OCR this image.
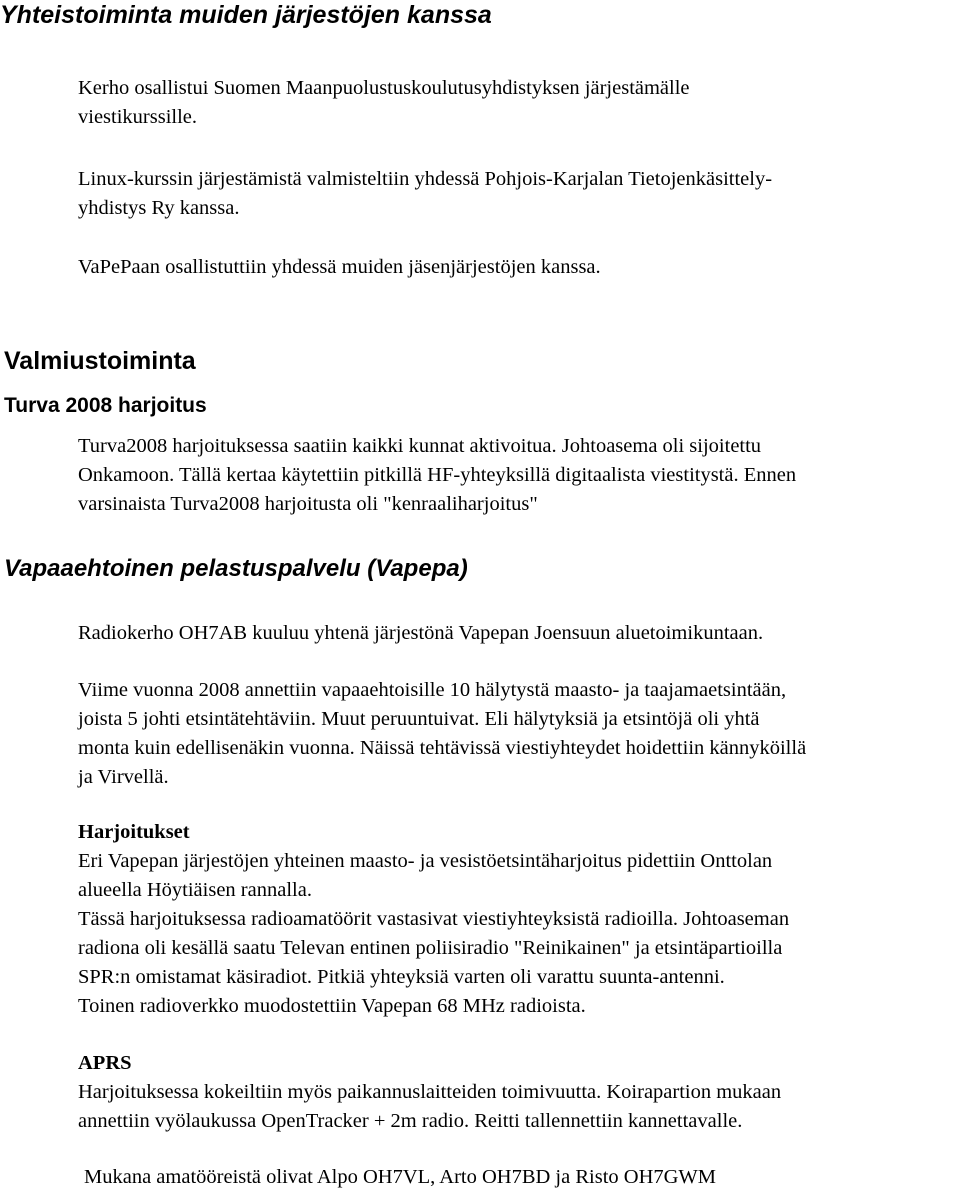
Yhteistoiminta muiden järjestöjen kanssa
Kerho osallistui Suomen Maanpuolustuskoulutusyhdistyksen järjestämälle
viestikurssille.
Linux-kurssin järjestämistä valmisteltiin yhdessä Pohjois-Karjalan Tietojenkäsittely-
yhdistys Ry kanssa.
VaPePaan osallistuttiin yhdessä muiden jäsenjärjestöjen kanssa.
Valmiustoiminta
Turva 2008 harjoitus
Turva2008 harjoituksessa saatiin kaikki kunnat aktivoitua. Johtoasema oli sijoitettu
Onkamoon. Tällä kertaa käytettiin pitkillä HF-yhteyksillä digitaalista viestitystä. Ennen
varsinaista Turva2008 harjoitusta oli "kenraaliharjoitus"
Vapaaehtoinen pelastuspalvelu (Vapepa)
Radiokerho OH7AB kuuluu yhtenä järjestönä Vapepan Joensuun aluetoimikuntaan.
Viime vuonna 2008 annettiin vapaaehtoisille 10 hälytystä maasto- ja taajamaetsintään,
joista 5 johti etsintätehtäviin. Muut peruuntuivat. Eli hälytyksiä ja etsintöjä oli yhtä
monta kuin edellisenäkin vuonna. Näissä tehtävissä viestiyhteydet hoidettiin kännyköillä
ja Virvellä.
Harjoitukset
Eri Vapepan järjestöjen yhteinen maasto- ja vesistöetsintäharjoitus pidettiin Onttolan
alueella Höytiäisen rannalla.
Tässä harjoituksessa radioamatöörit vastasivat viestiyhteyksistä radioilla. Johtoaseman
radiona oli kesällä saatu Televan entinen poliisiradio "Reinikainen" ja etsintäpartioilla
SPR:n omistamat käsiradiot. Pitkiä yhteyksiä varten oli varattu suunta-antenni.
Toinen radioverkko muodostettiin Vapepan 68 MHz radioista.
APRS
Harjoituksessa kokeiltiin myös paikannuslaitteiden toimivuutta. Koirapartion mukaan
annettiin vyölaukussa OpenTracker + 2m radio. Reitti tallennettiin kannettavalle.
Mukana amatööreistä olivat Alpo OH7VL, Arto OH7BD ja Risto OH7GWM
